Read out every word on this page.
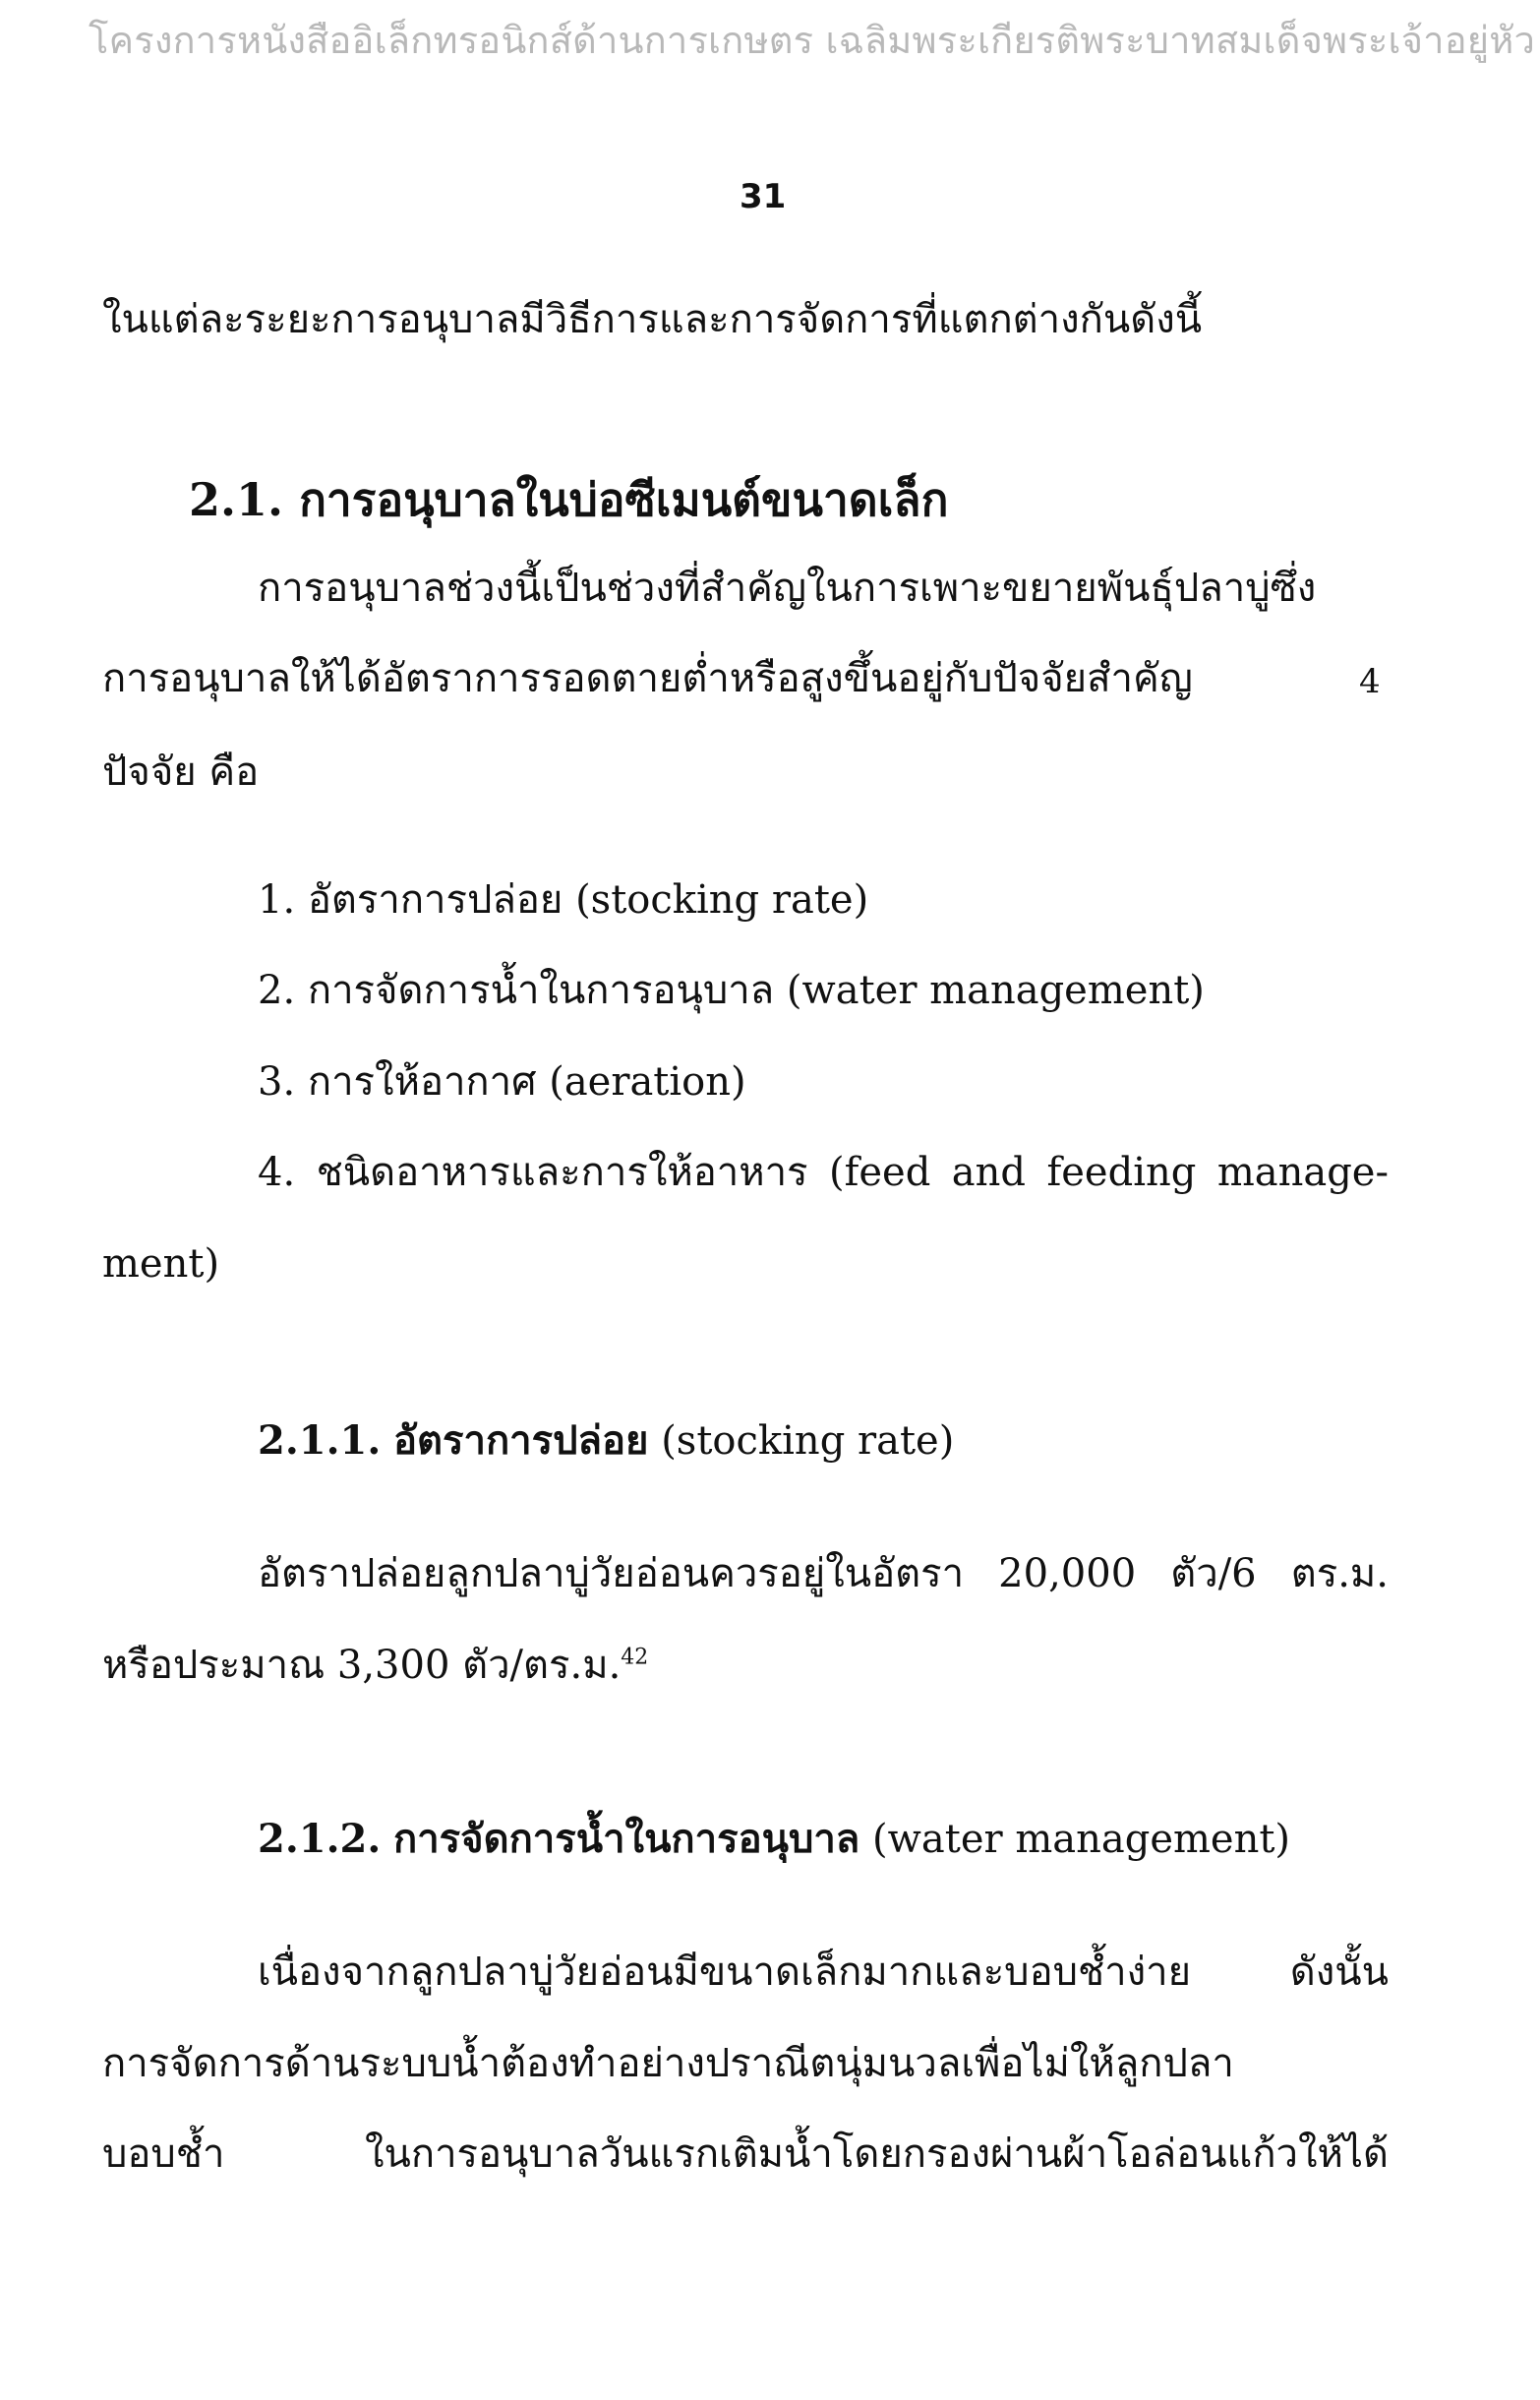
โครงการหนังสืออิเล็กทรอนิกส์ด้านการเกษตร เฉลิมพระเกียรติพระบาทสมเด็จพระเจ้าอยู่หัว
31
ในแต่ละระยะการอนุบาลมีวิธีการและการจัดการที่แตกต่างกันดังนี้
2.1. การอนุบาลในบ่อซีเมนต์ขนาดเล็ก
การอนุบาลช่วงนี้เป็นช่วงที่สำคัญในการเพาะขยายพันธุ์ปลาบู่ซึ่ง
การอนุบาลให้ได้อัตราการรอดตายต่ำหรือสูงขึ้นอยู่กับปัจจัยสำคัญ	4
ปัจจัย คือ
1. อัตราการปล่อย (stocking rate)
2. การจัดการน้ำในการอนุบาล (water management)
3. การให้อากาศ (aeration)
4. ชนิดอาหารและการให้อาหาร (feed and feeding manage-
ment)
2.1.1. อัตราการปล่อย (stocking rate)
อัตราปล่อยลูกปลาบู่วัยอ่อนควรอยู่ในอัตรา 20,000 ตัว/6 ตร.ม.
หรือประมาณ 3,300 ตัว/ตร.ม.$^{42}$
2.1.2. การจัดการน้ำในการอนุบาล (water management)
เนื่องจากลูกปลาบู่วัยอ่อนมีขนาดเล็กมากและบอบช้ำง่าย ดังนั้น
การจัดการด้านระบบน้ำต้องทำอย่างปราณีตนุ่มนวลเพื่อไม่ให้ลูกปลา
บอบช้ำ ในการอนุบาลวันแรกเติมน้ำโดยกรองผ่านผ้าโอล่อนแก้วให้ได้
